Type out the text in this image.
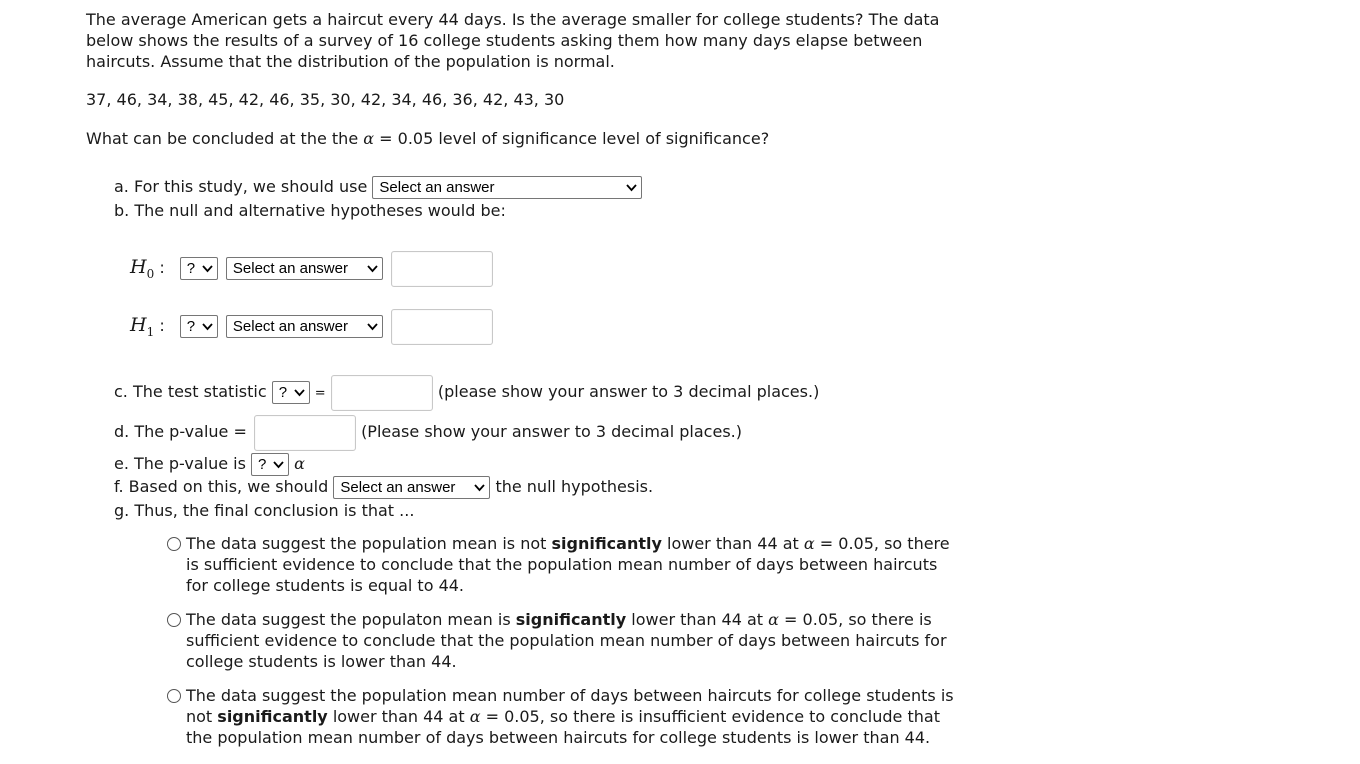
The average American gets a haircut every 44 days. Is the average smaller for college students? The data
below shows the results of a survey of 16 college students asking them how many days elapse between
haircuts. Assume that the distribution of the population is normal.
37, 46, 34, 38, 45, 42, 46, 35, 30, 42, 34, 46, 36, 42, 43, 30
What can be concluded at the the α = 0.05 level of significance level of significance?
a. For this study, we should use Select an answer
b. The null and alternative hypotheses would be:
$H_0$ : ?	Select an answer

$H_1$ : ?	Select an answer

c. The test statistic ? =	(please show your answer to 3 decimal places.)
d. The p-value =	(Please show your answer to 3 decimal places.)
e. The p-value is ? α
f. Based on this, we should Select an answer	the null hypothesis.
g. Thus, the final conclusion is that ...
The data suggest the population mean is not significantly lower than 44 at α = 0.05, so there
is sufficient evidence to conclude that the population mean number of days between haircuts
for college students is equal to 44.
The data suggest the populaton mean is significantly lower than 44 at α = 0.05, so there is
sufficient evidence to conclude that the population mean number of days between haircuts for
college students is lower than 44.
The data suggest the population mean number of days between haircuts for college students is
not significantly lower than 44 at α = 0.05, so there is insufficient evidence to conclude that
the population mean number of days between haircuts for college students is lower than 44.
